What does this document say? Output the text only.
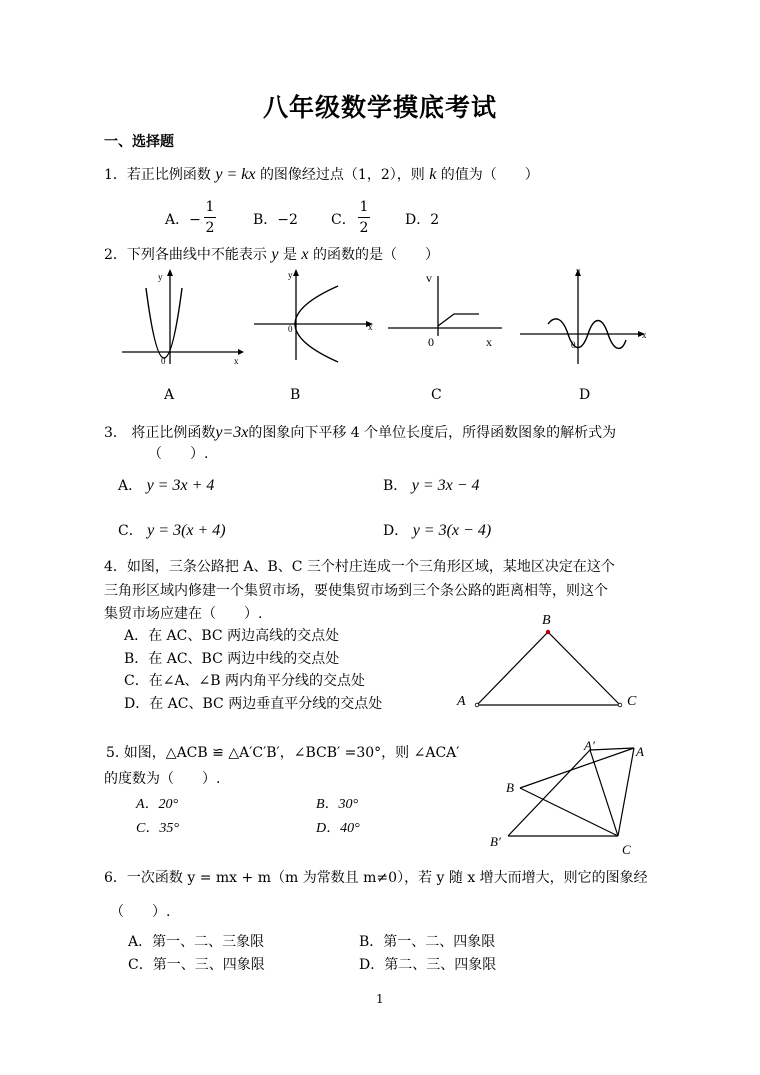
八年级数学摸底考试
一、选择题
1．若正比例函数 y = kx 的图像经过点（1，2），则 k 的值为（　　）
A．−
1
2	B．−2 C．
1
2	D．2
2．下列各曲线中不能表示 y 是 x 的函数的是（　　）
y
x
0
y
x
0
v
0	x
y
x
0
A	B	C	D
3． 将正比例函数y=3x的图象向下平移 4 个单位长度后，所得函数图象的解析式为
（　　）.
A． y = 3x + 4	B． y = 3x − 4
C． y = 3(x + 4)	D． y = 3(x − 4)
4．如图，三条公路把 A、B、C 三个村庄连成一个三角形区域，某地区决定在这个
三角形区域内修建一个集贸市场，要使集贸市场到三个条公路的距离相等，则这个
集贸市场应建在（　　）.
A．在 AC、BC 两边高线的交点处
B．在 AC、BC 两边中线的交点处
C．在∠A、∠B 两内角平分线的交点处
D．在 AC、BC 两边垂直平分线的交点处
B
A	C
5. 如图，△ACB ≌ △A′C′B′，∠BCB′ =30°，则 ∠ACA′
的度数为（　　）.
A．20°	B．30°
C．35°	D．40°
A′	A
B
B′
C
6．一次函数 y = mx + m（m 为常数且 m≠0），若 y 随 x 增大而增大，则它的图象经
（　　）.
A．第一、二、三象限	B．第一、二、四象限
C．第一、三、四象限	D．第二、三、四象限
1
